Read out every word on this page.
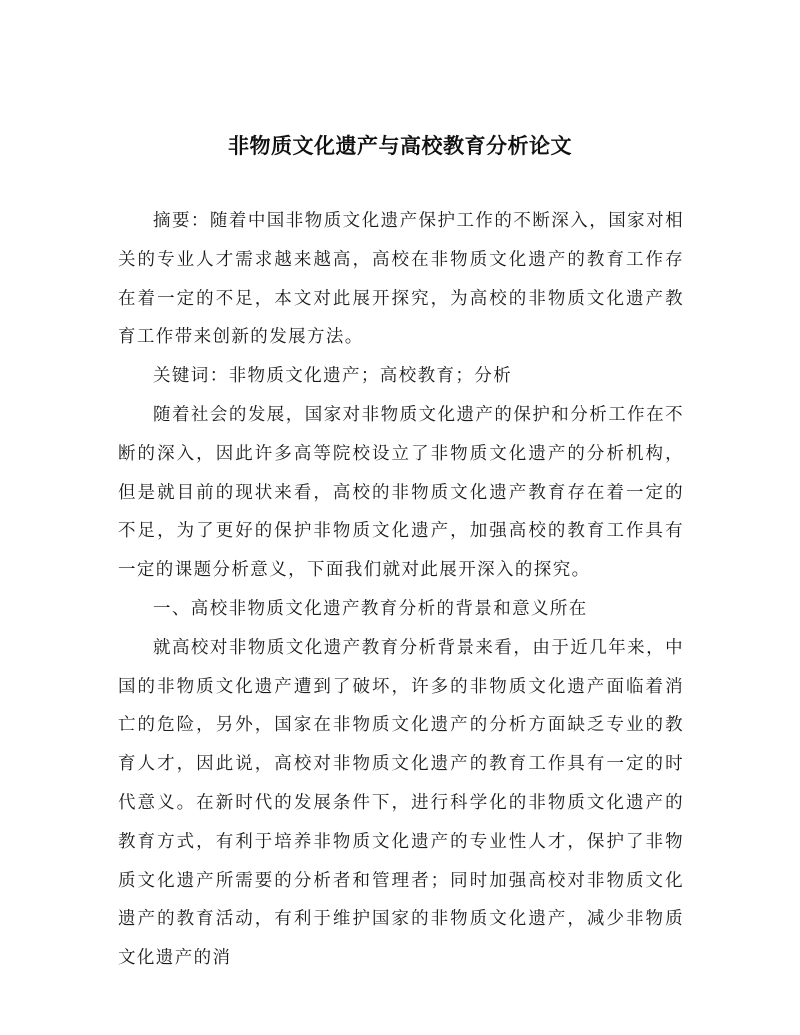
非物质文化遗产与高校教育分析论文

摘要：随着中国非物质文化遗产保护工作的不断深入，国家对相关的专业人才需求越来越高，高校在非物质文化遗产的教育工作存在着一定的不足，本文对此展开探究，为高校的非物质文化遗产教育工作带来创新的发展方法。

关键词：非物质文化遗产；高校教育；分析

随着社会的发展，国家对非物质文化遗产的保护和分析工作在不断的深入，因此许多高等院校设立了非物质文化遗产的分析机构，但是就目前的现状来看，高校的非物质文化遗产教育存在着一定的不足，为了更好的保护非物质文化遗产，加强高校的教育工作具有一定的课题分析意义，下面我们就对此展开深入的探究。

一、高校非物质文化遗产教育分析的背景和意义所在

就高校对非物质文化遗产教育分析背景来看，由于近几年来，中国的非物质文化遗产遭到了破坏，许多的非物质文化遗产面临着消亡的危险，另外，国家在非物质文化遗产的分析方面缺乏专业的教育人才，因此说，高校对非物质文化遗产的教育工作具有一定的时代意义。在新时代的发展条件下，进行科学化的非物质文化遗产的教育方式，有利于培养非物质文化遗产的专业性人才，保护了非物质文化遗产所需要的分析者和管理者；同时加强高校对非物质文化遗产的教育活动，有利于维护国家的非物质文化遗产，减少非物质文化遗产的消
